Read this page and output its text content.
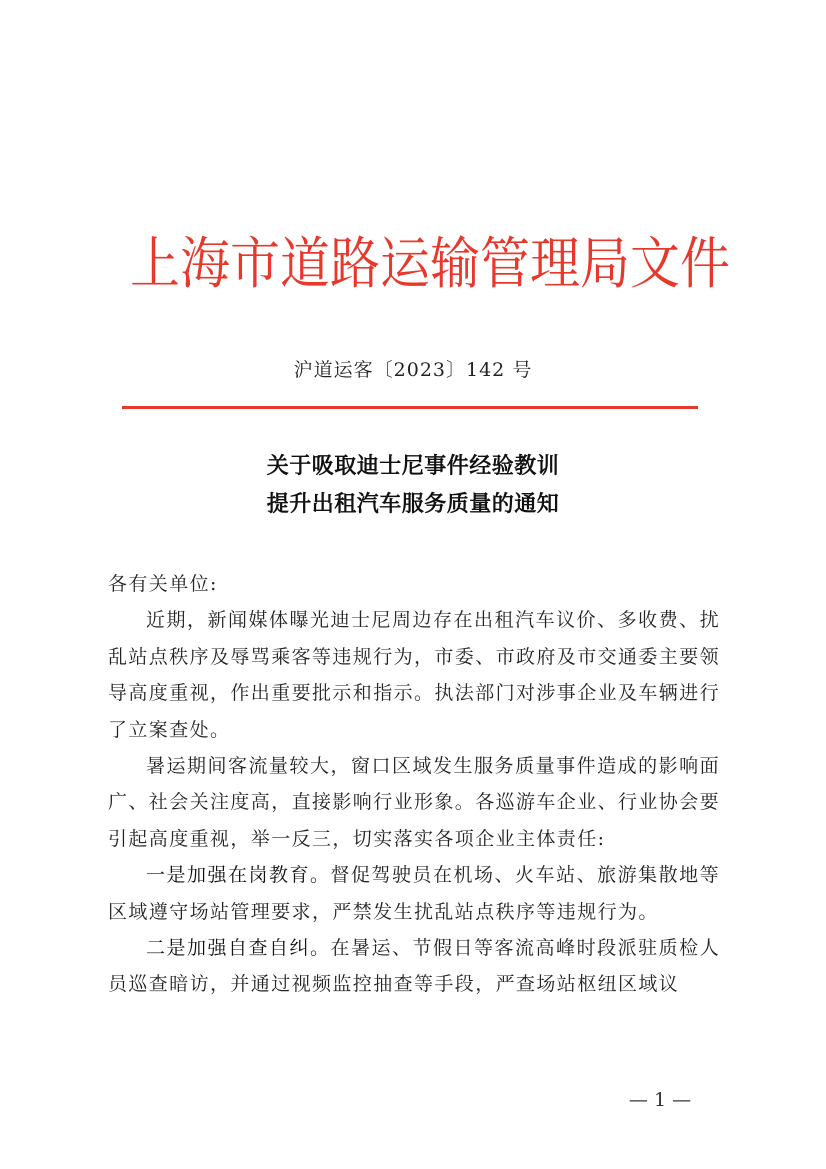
上海市道路运输管理局文件
沪道运客〔2023〕142 号
关于吸取迪士尼事件经验教训
提升出租汽车服务质量的通知

各有关单位:

近期，新闻媒体曝光迪士尼周边存在出租汽车议价、多收费、扰乱站点秩序及辱骂乘客等违规行为，市委、市政府及市交通委主要领导高度重视，作出重要批示和指示。执法部门对涉事企业及车辆进行了立案查处。

暑运期间客流量较大，窗口区域发生服务质量事件造成的影响面广、社会关注度高，直接影响行业形象。各巡游车企业、行业协会要引起高度重视，举一反三，切实落实各项企业主体责任:

一是加强在岗教育。督促驾驶员在机场、火车站、旅游集散地等区域遵守场站管理要求，严禁发生扰乱站点秩序等违规行为。

二是加强自查自纠。在暑运、节假日等客流高峰时段派驻质检人员巡查暗访，并通过视频监控抽查等手段，严查场站枢纽区域议

— 1 —
